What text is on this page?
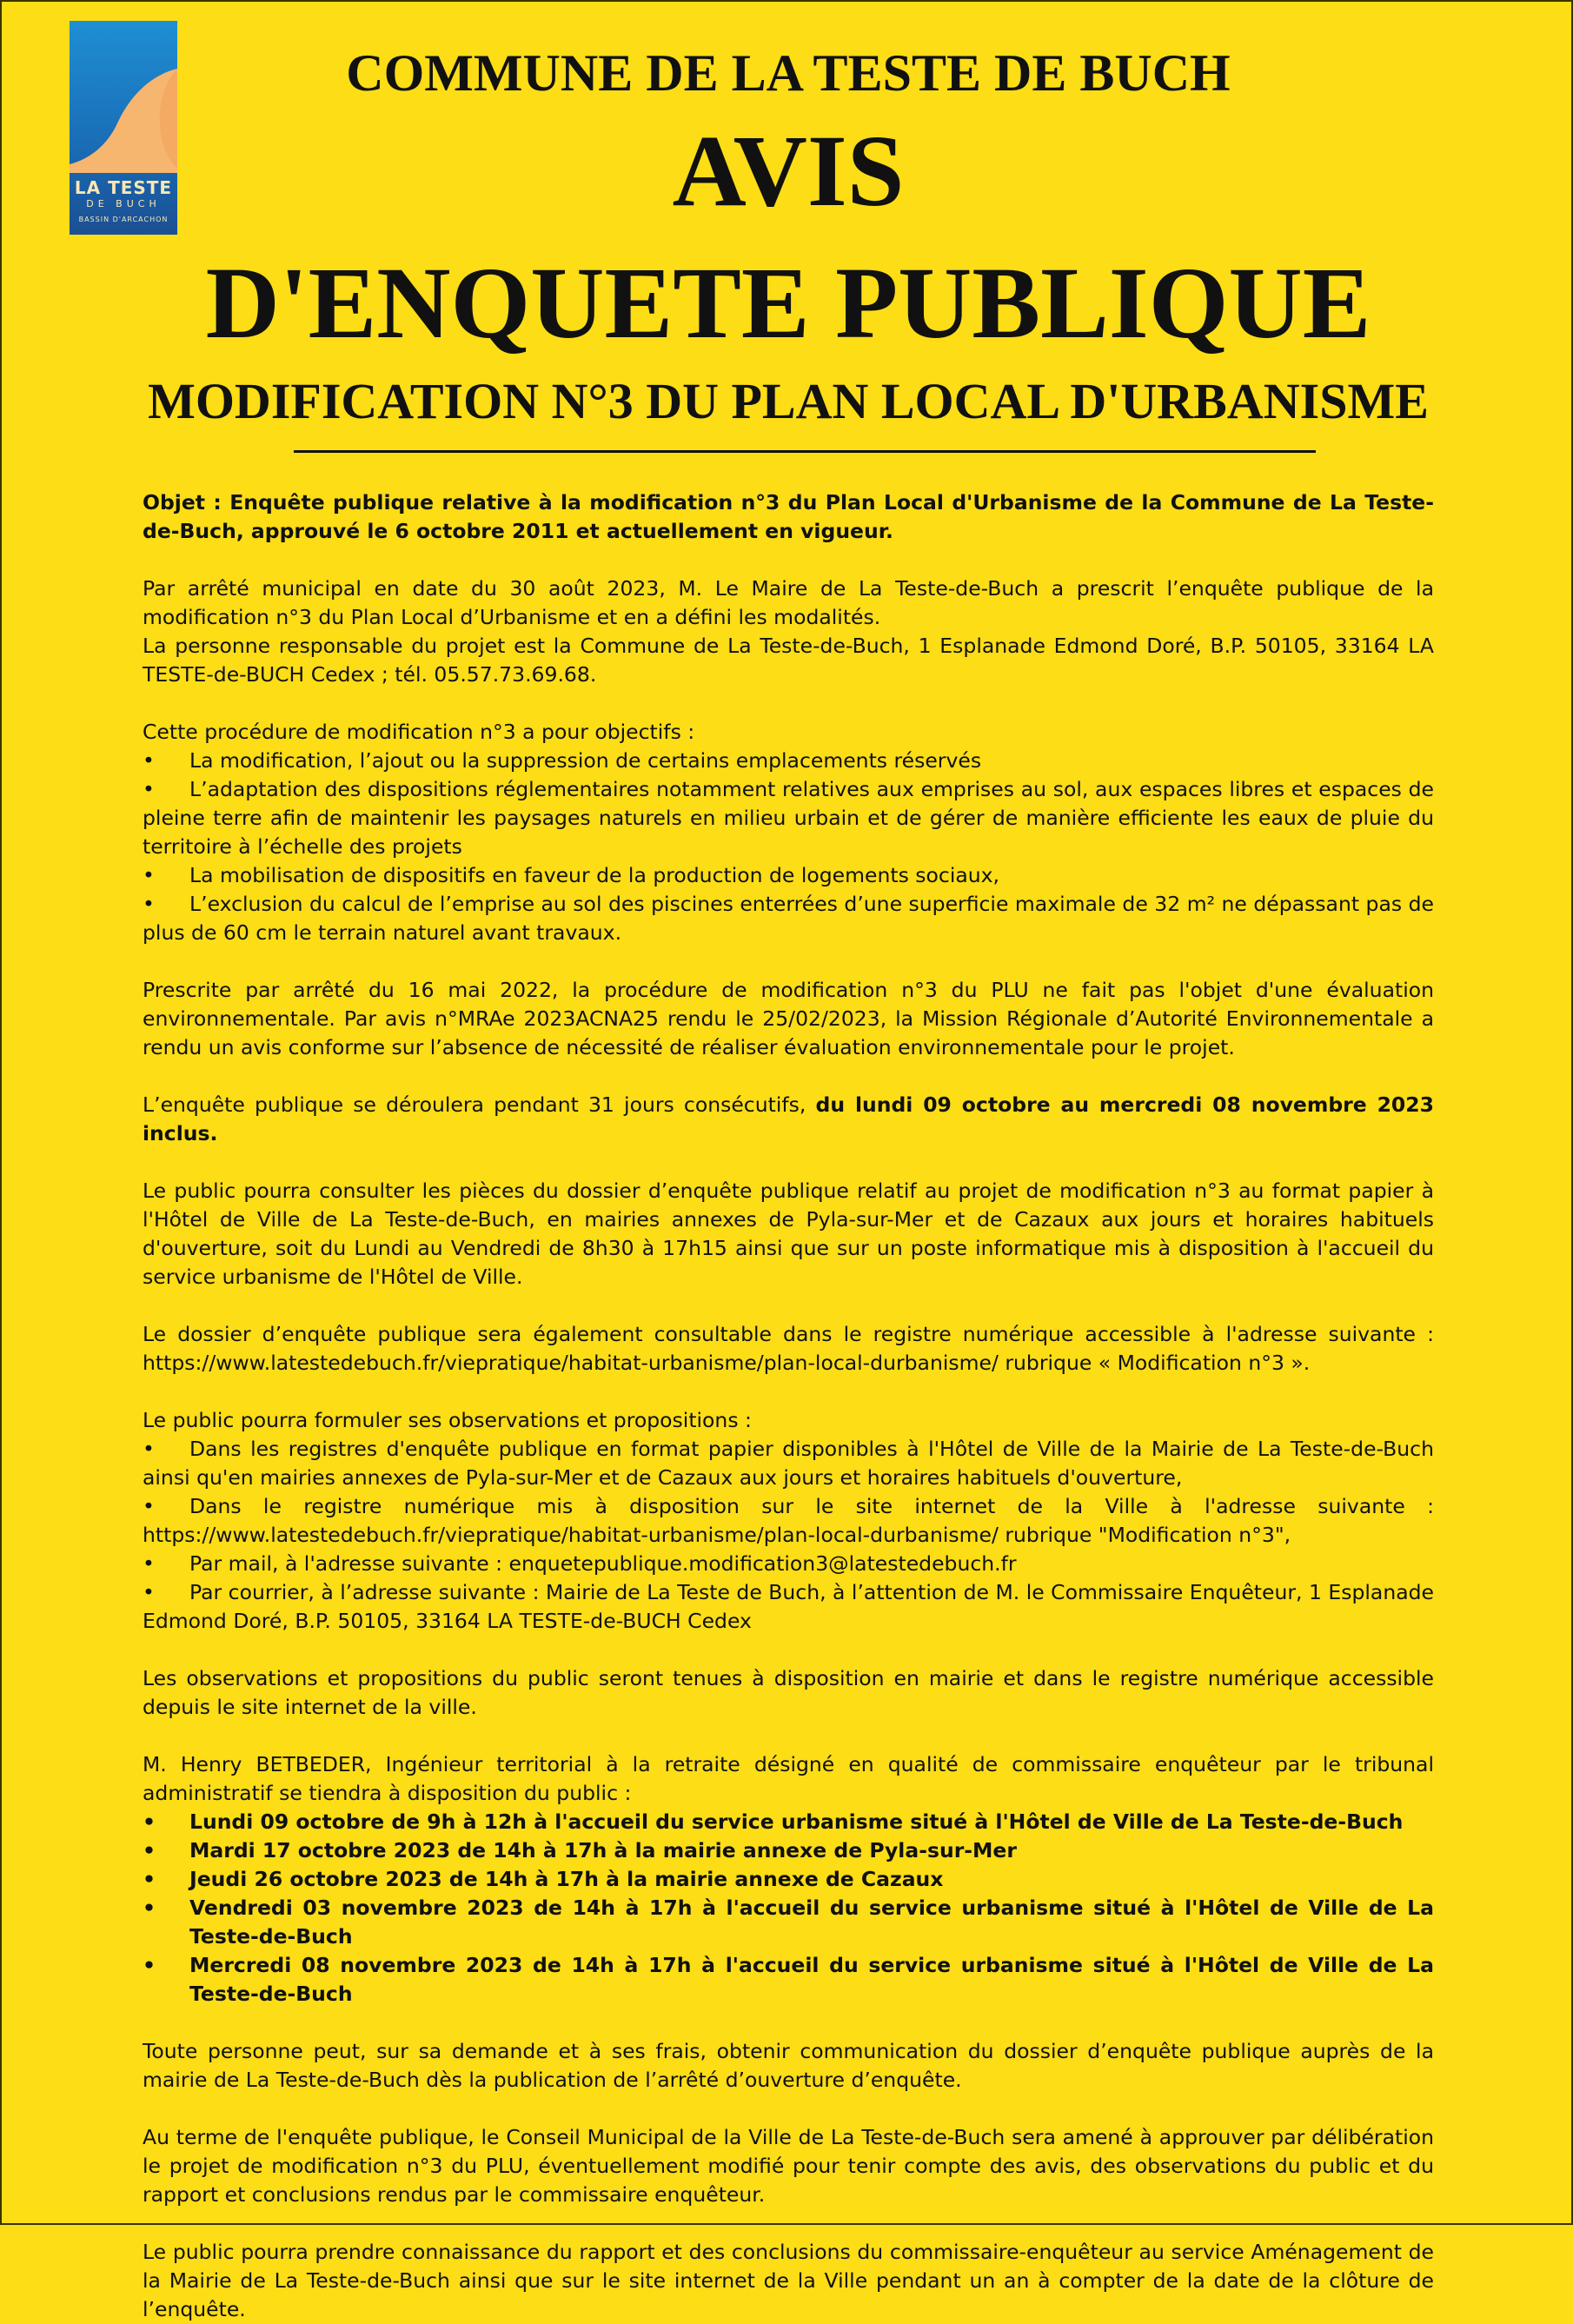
LA TESTE
DE BUCH
BASSIN D'ARCACHON
COMMUNE DE LA TESTE DE BUCH
AVIS
D'ENQUETE PUBLIQUE
MODIFICATION N°3 DU PLAN LOCAL D'URBANISME

Objet : Enquête publique relative à la modification n°3 du Plan Local d'Urbanisme de la Commune de La Teste-de-Buch, approuvé le 6 octobre 2011 et actuellement en vigueur.

Par arrêté municipal en date du 30 août 2023, M. Le Maire de La Teste-de-Buch a prescrit l’enquête publique de la modification n°3 du Plan Local d’Urbanisme et en a défini les modalités.

La personne responsable du projet est la Commune de La Teste-de-Buch, 1 Esplanade Edmond Doré, B.P. 50105, 33164 LA TESTE-de-BUCH Cedex ; tél. 05.57.73.69.68.

Cette procédure de modification n°3 a pour objectifs :

• La modification, l’ajout ou la suppression de certains emplacements réservés

• L’adaptation des dispositions réglementaires notamment relatives aux emprises au sol, aux espaces libres et espaces de pleine terre afin de maintenir les paysages naturels en milieu urbain et de gérer de manière efficiente les eaux de pluie du territoire à l’échelle des projets

• La mobilisation de dispositifs en faveur de la production de logements sociaux,

• L’exclusion du calcul de l’emprise au sol des piscines enterrées d’une superficie maximale de 32 m² ne dépassant pas de plus de 60 cm le terrain naturel avant travaux.

Prescrite par arrêté du 16 mai 2022, la procédure de modification n°3 du PLU ne fait pas l'objet d'une évaluation environnementale. Par avis n°MRAe 2023ACNA25 rendu le 25/02/2023, la Mission Régionale d’Autorité Environnementale a rendu un avis conforme sur l’absence de nécessité de réaliser évaluation environnementale pour le projet.

L’enquête publique se déroulera pendant 31 jours consécutifs, du lundi 09 octobre au mercredi 08 novembre 2023 inclus.

Le public pourra consulter les pièces du dossier d’enquête publique relatif au projet de modification n°3 au format papier à l'Hôtel de Ville de La Teste-de-Buch, en mairies annexes de Pyla-sur-Mer et de Cazaux aux jours et horaires habituels d'ouverture, soit du Lundi au Vendredi de 8h30 à 17h15 ainsi que sur un poste informatique mis à disposition à l'accueil du service urbanisme de l'Hôtel de Ville.

Le dossier d’enquête publique sera également consultable dans le registre numérique accessible à l'adresse suivante : https://www.latestedebuch.fr/viepratique/habitat-urbanisme/plan-local-durbanisme/ rubrique « Modification n°3 ».

Le public pourra formuler ses observations et propositions :

• Dans les registres d'enquête publique en format papier disponibles à l'Hôtel de Ville de la Mairie de La Teste-de-Buch ainsi qu'en mairies annexes de Pyla-sur-Mer et de Cazaux aux jours et horaires habituels d'ouverture,

• Dans le registre numérique mis à disposition sur le site internet de la Ville à l'adresse suivante : https://www.latestedebuch.fr/viepratique/habitat-urbanisme/plan-local-durbanisme/ rubrique "Modification n°3",

• Par mail, à l'adresse suivante : enquetepublique.modification3@latestedebuch.fr

• Par courrier, à l’adresse suivante : Mairie de La Teste de Buch, à l’attention de M. le Commissaire Enquêteur, 1 Esplanade Edmond Doré, B.P. 50105, 33164 LA TESTE-de-BUCH Cedex

Les observations et propositions du public seront tenues à disposition en mairie et dans le registre numérique accessible depuis le site internet de la ville.

M. Henry BETBEDER, Ingénieur territorial à la retraite désigné en qualité de commissaire enquêteur par le tribunal administratif se tiendra à disposition du public :

• Lundi 09 octobre de 9h à 12h à l'accueil du service urbanisme situé à l'Hôtel de Ville de La Teste-de-Buch

• Mardi 17 octobre 2023 de 14h à 17h à la mairie annexe de Pyla-sur-Mer

• Jeudi 26 octobre 2023 de 14h à 17h à la mairie annexe de Cazaux

• Vendredi 03 novembre 2023 de 14h à 17h à l'accueil du service urbanisme situé à l'Hôtel de Ville de La Teste-de-Buch

• Mercredi 08 novembre 2023 de 14h à 17h à l'accueil du service urbanisme situé à l'Hôtel de Ville de La Teste-de-Buch

Toute personne peut, sur sa demande et à ses frais, obtenir communication du dossier d’enquête publique auprès de la mairie de La Teste-de-Buch dès la publication de l’arrêté d’ouverture d’enquête.

Au terme de l'enquête publique, le Conseil Municipal de la Ville de La Teste-de-Buch sera amené à approuver par délibération le projet de modification n°3 du PLU, éventuellement modifié pour tenir compte des avis, des observations du public et du rapport et conclusions rendus par le commissaire enquêteur.

Le public pourra prendre connaissance du rapport et des conclusions du commissaire-enquêteur au service Aménagement de la Mairie de La Teste-de-Buch ainsi que sur le site internet de la Ville pendant un an à compter de la date de la clôture de l’enquête.
